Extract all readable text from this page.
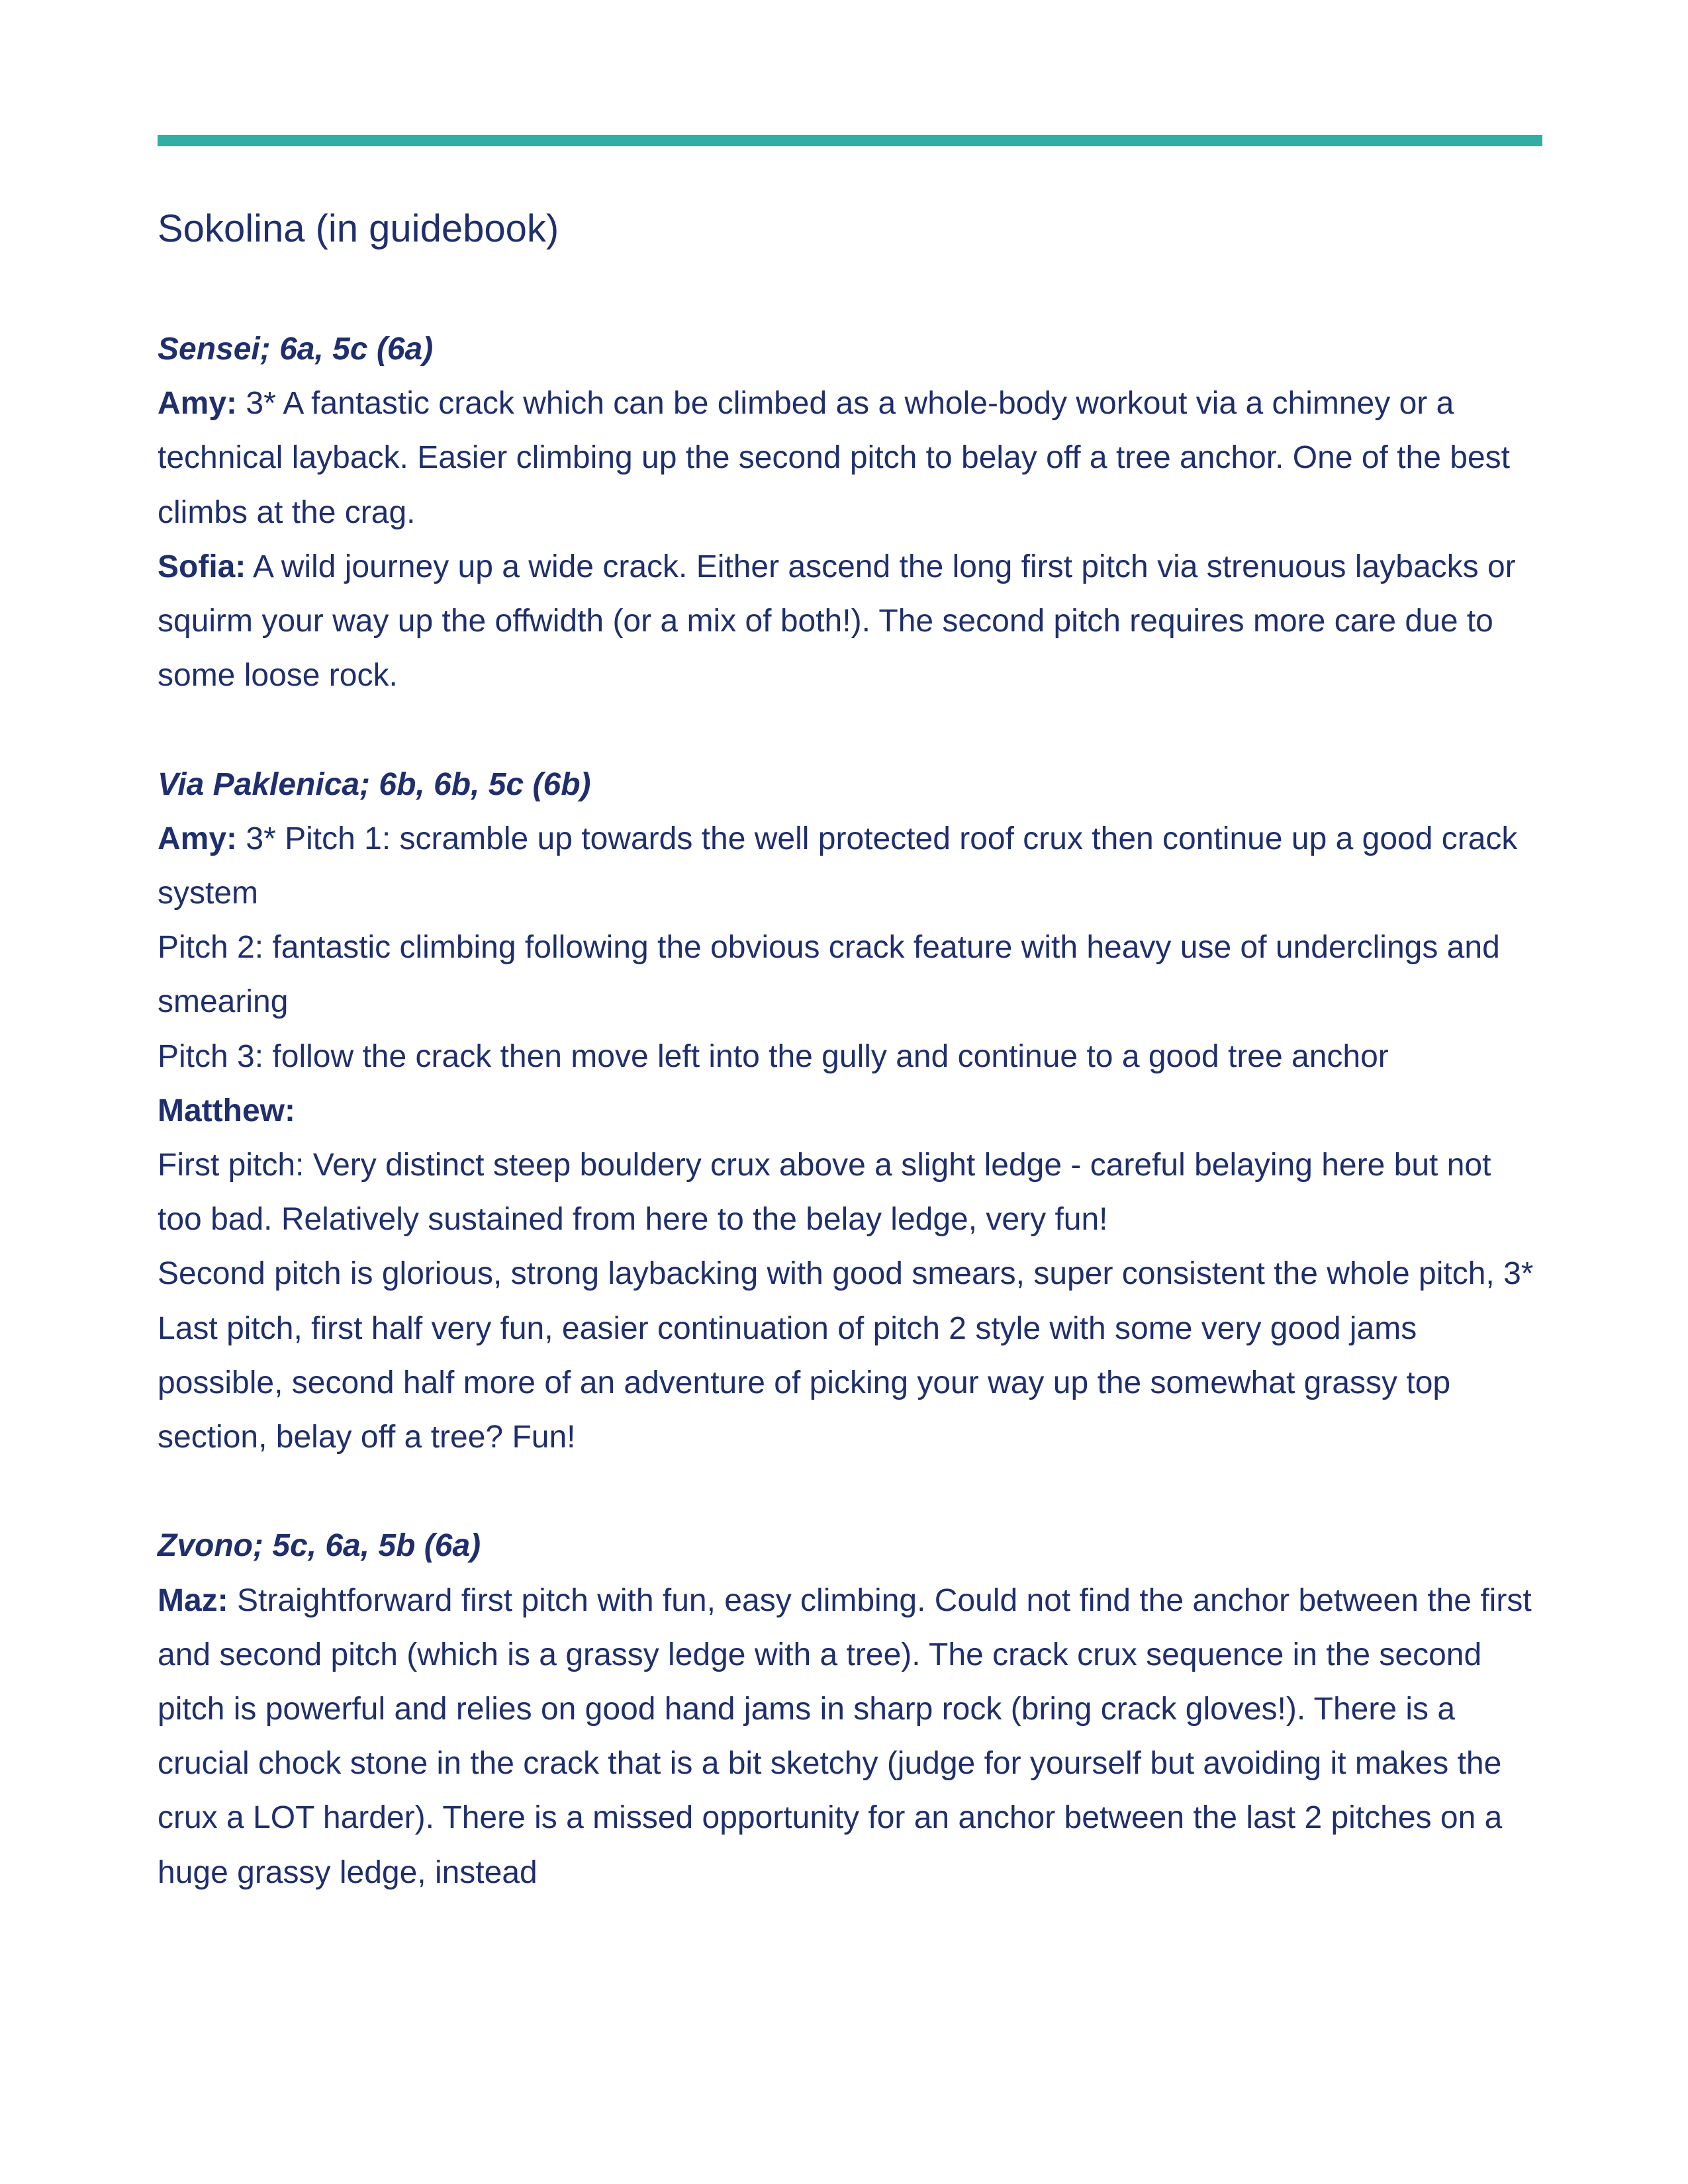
Sokolina (in guidebook)

Sensei; 6a, 5c (6a)

Amy: 3* A fantastic crack which can be climbed as a whole-body workout via a chimney or a technical layback. Easier climbing up the second pitch to belay off a tree anchor. One of the best climbs at the crag.

Sofia: A wild journey up a wide crack. Either ascend the long first pitch via strenuous laybacks or squirm your way up the offwidth (or a mix of both!). The second pitch requires more care due to some loose rock.

Via Paklenica; 6b, 6b, 5c (6b)

Amy: 3* Pitch 1: scramble up towards the well protected roof crux then continue up a good crack system

Pitch 2: fantastic climbing following the obvious crack feature with heavy use of underclings and smearing

Pitch 3: follow the crack then move left into the gully and continue to a good tree anchor

Matthew:

First pitch: Very distinct steep bouldery crux above a slight ledge - careful belaying here but not too bad. Relatively sustained from here to the belay ledge, very fun!

Second pitch is glorious, strong laybacking with good smears, super consistent the whole pitch, 3*

Last pitch, first half very fun, easier continuation of pitch 2 style with some very good jams possible, second half more of an adventure of picking your way up the somewhat grassy top section, belay off a tree? Fun!

Zvono; 5c, 6a, 5b (6a)

Maz: Straightforward first pitch with fun, easy climbing. Could not find the anchor between the first and second pitch (which is a grassy ledge with a tree). The crack crux sequence in the second pitch is powerful and relies on good hand jams in sharp rock (bring crack gloves!). There is a crucial chock stone in the crack that is a bit sketchy (judge for yourself but avoiding it makes the crux a LOT harder). There is a missed opportunity for an anchor between the last 2 pitches on a huge grassy ledge, instead
